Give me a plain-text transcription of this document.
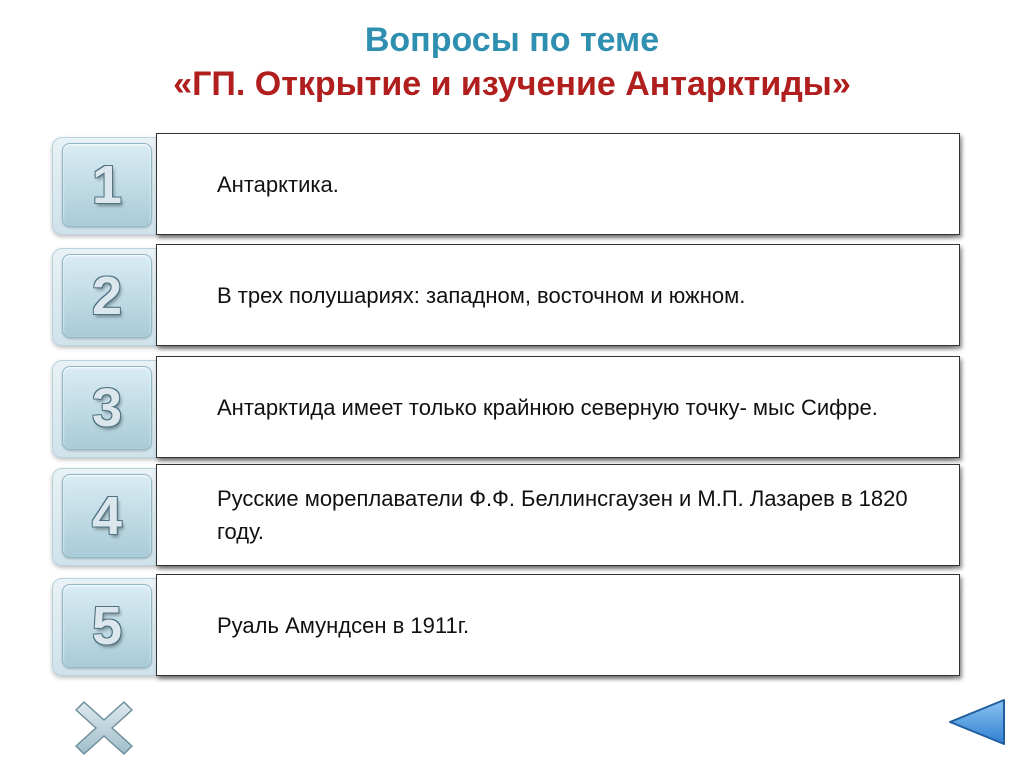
Вопросы по теме
«ГП. Открытие и изучение Антарктиды»
1	Антарктика.
2	В трех полушариях: западном, восточном и южном.
3	Антарктида имеет только крайнюю северную точку- мыс Сифре.
4	Русские мореплаватели Ф.Ф. Беллинсгаузен и М.П. Лазарев в 1820 году.
5	Руаль Амундсен в 1911г.
